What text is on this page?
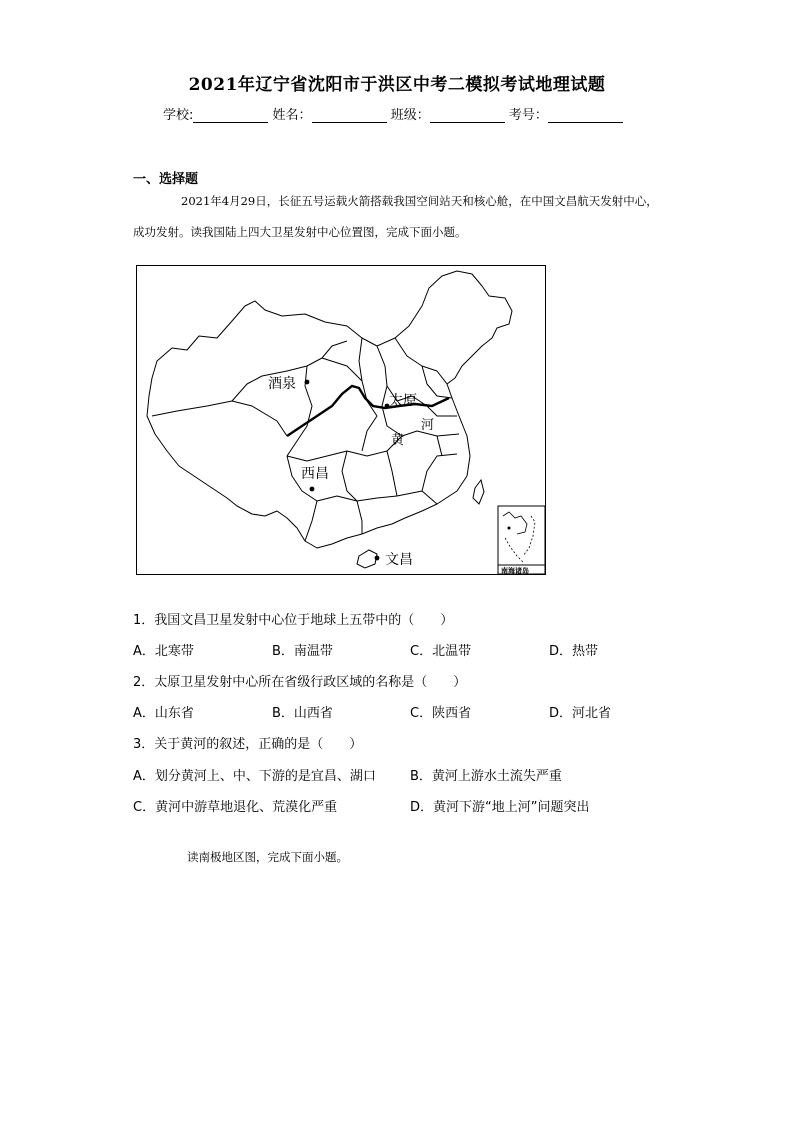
2021年辽宁省沈阳市于洪区中考二模拟考试地理试题
学校:	姓名：	班级：	考号：
一、选择题
2021年4月29日，长征五号运载火箭搭载我国空间站天和核心舱，在中国文昌航天发射中心，成功发射。读我国陆上四大卫星发射中心位置图，完成下面小题。
酒泉
太原
河
黄
西昌
文昌
南海诸岛
1．我国文昌卫星发射中心位于地球上五带中的（　　）
A．北寒带	B．南温带	C．北温带	D．热带
2．太原卫星发射中心所在省级行政区域的名称是（　　）
A．山东省	B．山西省	C．陕西省	D．河北省
3．关于黄河的叙述，正确的是（　　）
A．划分黄河上、中、下游的是宜昌、湖口	B．黄河上游水土流失严重
C．黄河中游草地退化、荒漠化严重	D．黄河下游“地上河”问题突出
读南极地区图，完成下面小题。
